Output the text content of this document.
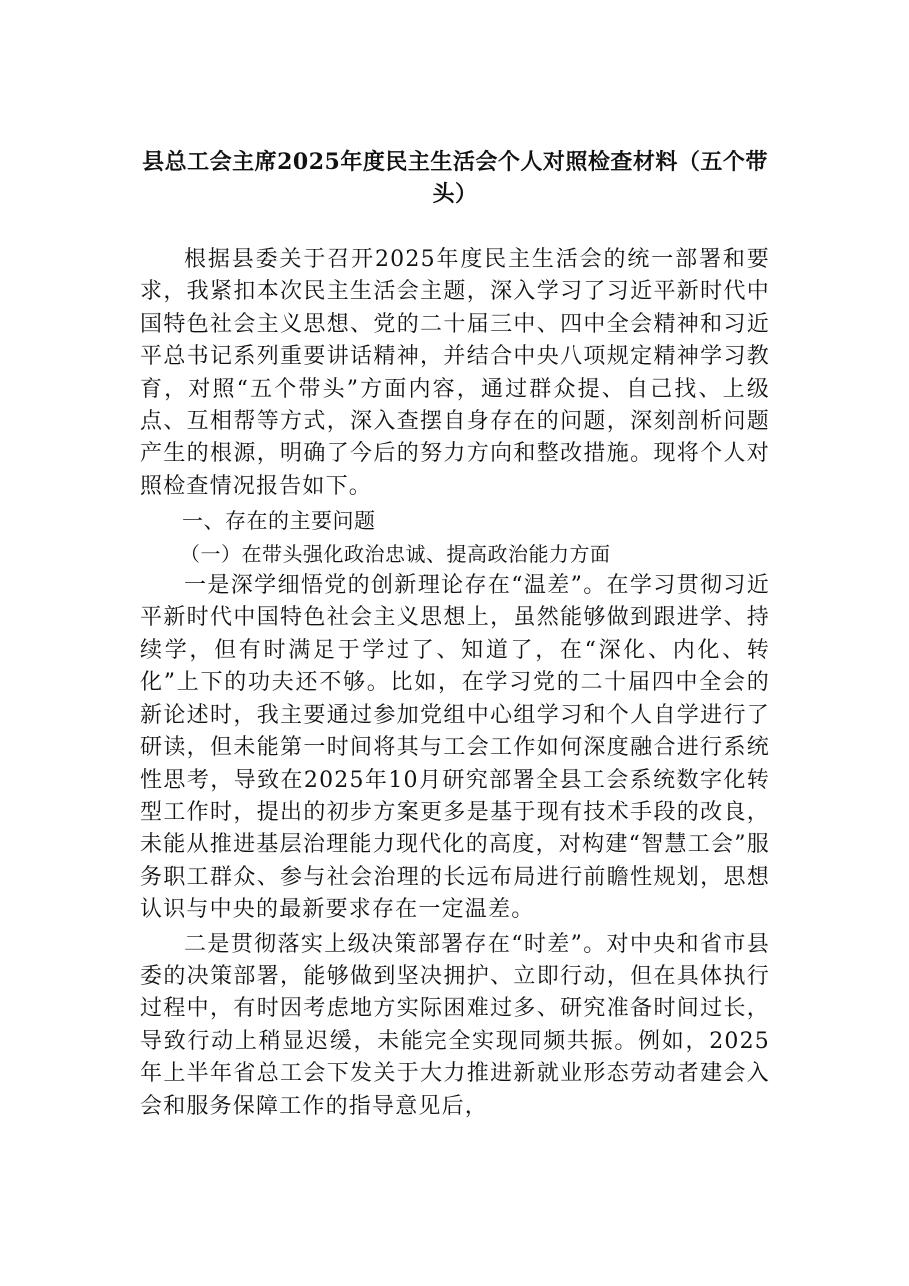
县总工会主席2025年度民主生活会个人对照检查材料（五个带头）

根据县委关于召开2025年度民主生活会的统一部署和要求，我紧扣本次民主生活会主题，深入学习了习近平新时代中国特色社会主义思想、党的二十届三中、四中全会精神和习近平总书记系列重要讲话精神，并结合中央八项规定精神学习教育，对照“五个带头”方面内容，通过群众提、自己找、上级点、互相帮等方式，深入查摆自身存在的问题，深刻剖析问题产生的根源，明确了今后的努力方向和整改措施。现将个人对照检查情况报告如下。

一、存在的主要问题

（一）在带头强化政治忠诚、提高政治能力方面

一是深学细悟党的创新理论存在“温差”。在学习贯彻习近平新时代中国特色社会主义思想上，虽然能够做到跟进学、持续学，但有时满足于学过了、知道了，在“深化、内化、转化”上下的功夫还不够。比如，在学习党的二十届四中全会的新论述时，我主要通过参加党组中心组学习和个人自学进行了研读，但未能第一时间将其与工会工作如何深度融合进行系统性思考，导致在2025年10月研究部署全县工会系统数字化转型工作时，提出的初步方案更多是基于现有技术手段的改良，未能从推进基层治理能力现代化的高度，对构建“智慧工会”服务职工群众、参与社会治理的长远布局进行前瞻性规划，思想认识与中央的最新要求存在一定温差。

二是贯彻落实上级决策部署存在“时差”。对中央和省市县委的决策部署，能够做到坚决拥护、立即行动，但在具体执行过程中，有时因考虑地方实际困难过多、研究准备时间过长，导致行动上稍显迟缓，未能完全实现同频共振。例如，2025年上半年省总工会下发关于大力推进新就业形态劳动者建会入会和服务保障工作的指导意见后，
